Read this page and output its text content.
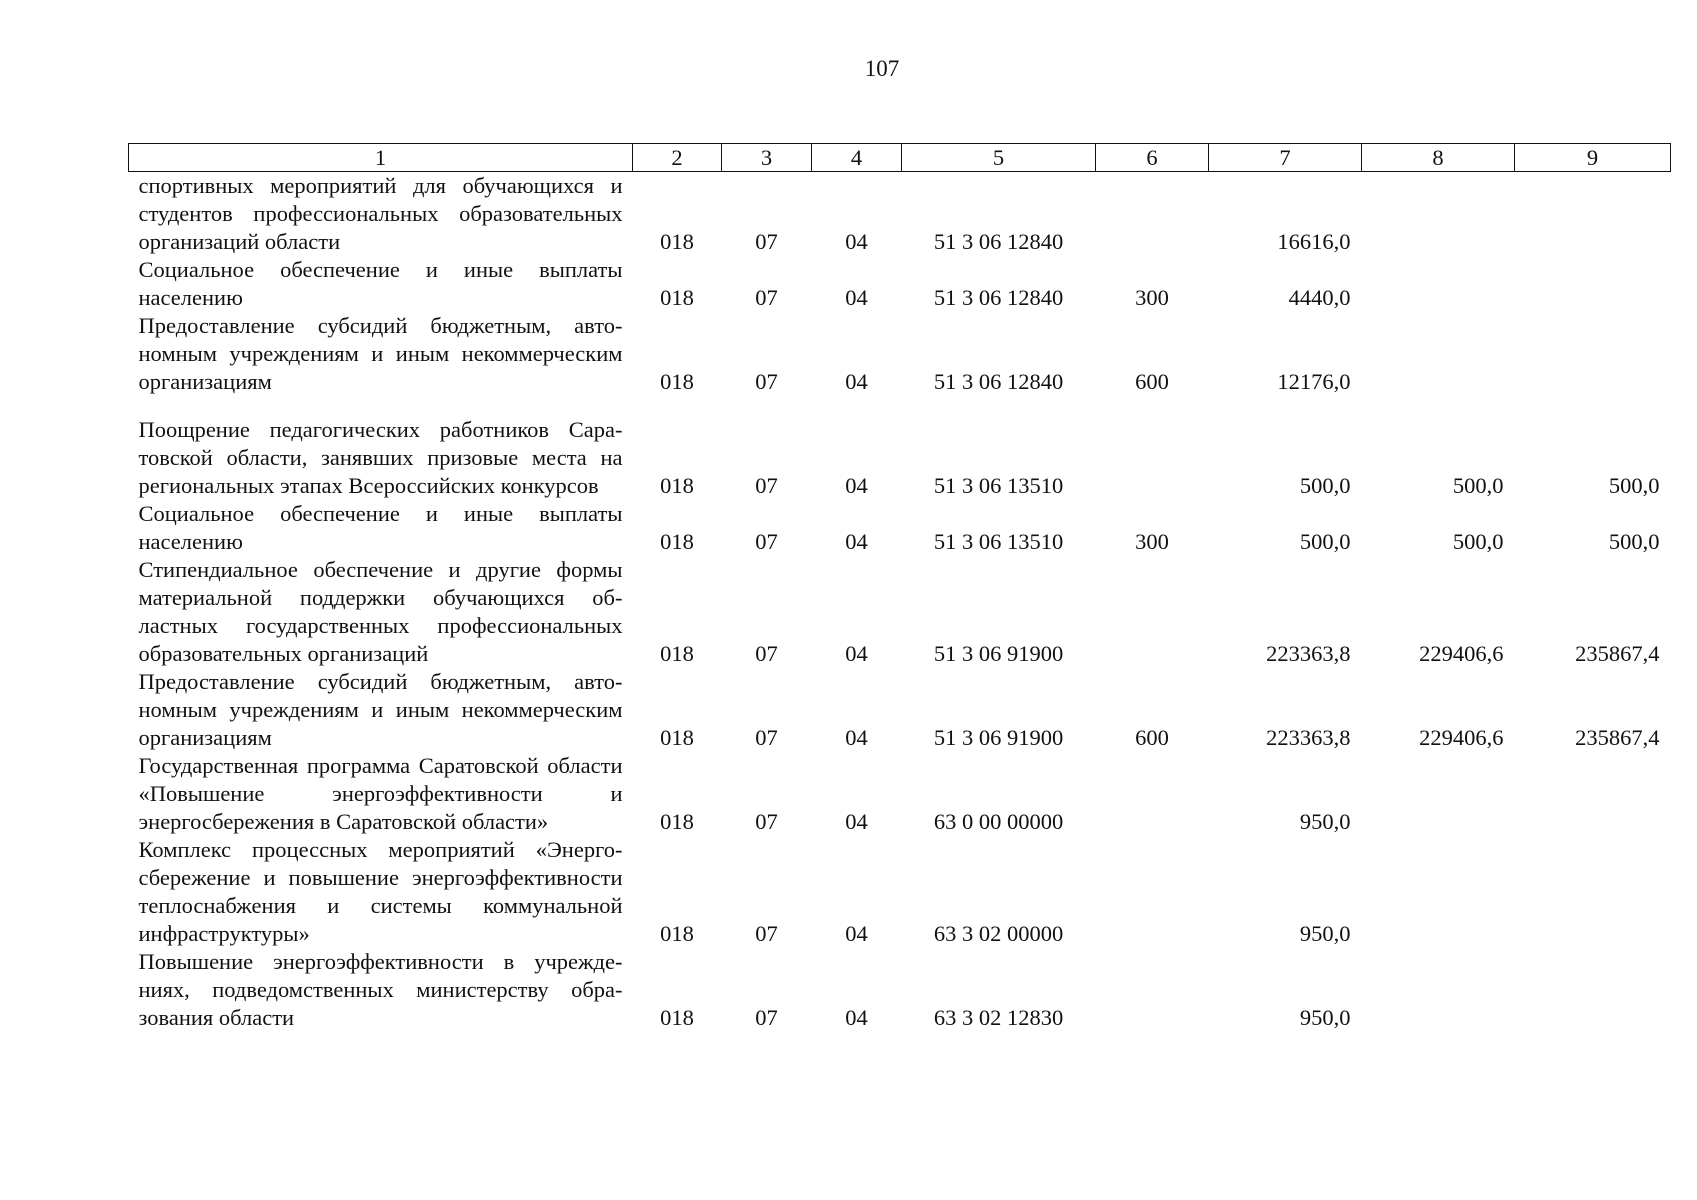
107
1	2	3	4	5	6	7	8	9
спортивных мероприятий для обучающихся и студентов профессиональных образовательных организаций области	018	07	04	51 3 06 12840		16616,0		
Социальное обеспечение и иные выплаты населению	018	07	04	51 3 06 12840	300	4440,0		
Предоставление субсидий бюджетным, автономным учреждениям и иным некоммерческим организациям	018	07	04	51 3 06 12840	600	12176,0		
Поощрение педагогических работников Саратовской области, занявших призовые места на региональных этапах Всероссийских конкурсов	018	07	04	51 3 06 13510		500,0	500,0	500,0
Социальное обеспечение и иные выплаты населению	018	07	04	51 3 06 13510	300	500,0	500,0	500,0
Стипендиальное обеспечение и другие формы материальной поддержки обучающихся областных государственных профессиональных образовательных организаций	018	07	04	51 3 06 91900		223363,8	229406,6	235867,4
Предоставление субсидий бюджетным, автономным учреждениям и иным некоммерческим организациям	018	07	04	51 3 06 91900	600	223363,8	229406,6	235867,4
Государственная программа Саратовской области «Повышение энергоэффективности и энергосбережения в Саратовской области»	018	07	04	63 0 00 00000		950,0		
Комплекс процессных мероприятий «Энергосбережение и повышение энергоэффективности теплоснабжения и системы коммунальной инфраструктуры»	018	07	04	63 3 02 00000		950,0		
Повышение энергоэффективности в учреждениях, подведомственных министерству образования области	018	07	04	63 3 02 12830		950,0		
